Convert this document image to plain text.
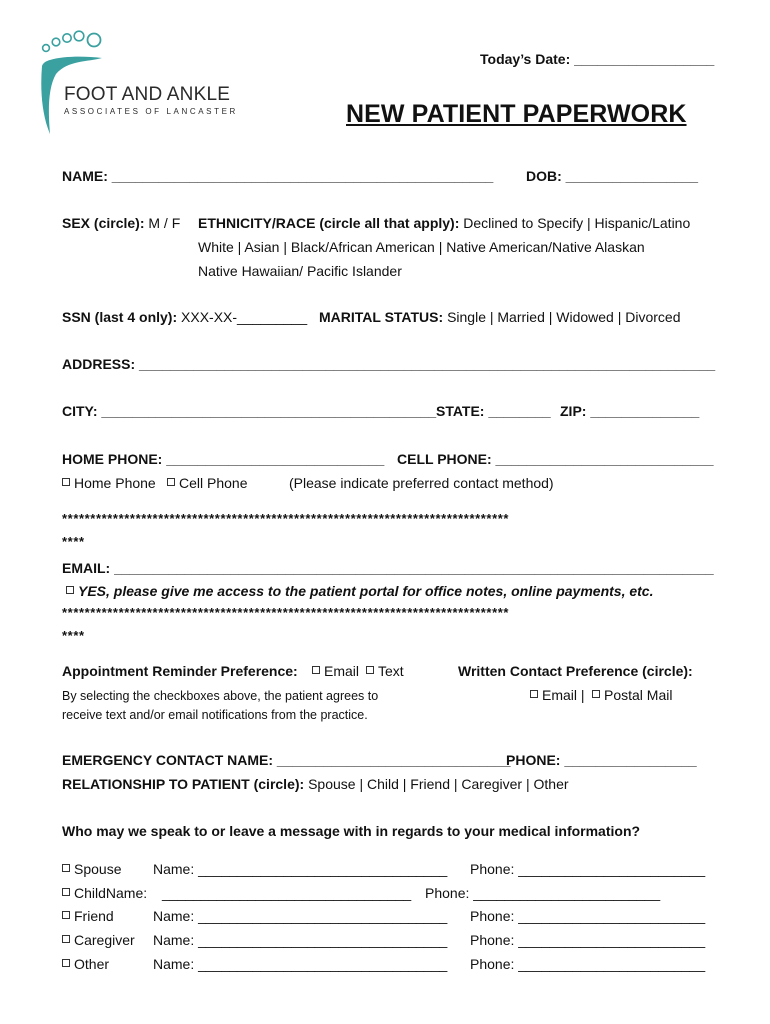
FOOT AND ANKLE
ASSOCIATES OF LANCASTER
Today’s Date: __________________
NEW PATIENT PAPERWORK
NAME: _________________________________________________ DOB: _________________
SEX (circle): M / F ETHNICITY/RACE (circle all that apply): Declined to Specify | Hispanic/Latino
White | Asian | Black/African American | Native American/Native Alaskan
Native Hawaiian/ Pacific Islander
SSN (last 4 only): XXX-XX-_________ MARITAL STATUS: Single | Married | Widowed | Divorced
ADDRESS: __________________________________________________________________________
CITY: ___________________________________________ STATE: ________ ZIP: ______________
HOME PHONE: ____________________________ CELL PHONE: ____________________________
Home Phone	Cell Phone	(Please indicate preferred contact method)
*******************************************************************************
****
EMAIL: _____________________________________________________________________________
YES, please give me access to the patient portal for office notes, online payments, etc.
*******************************************************************************
****
Appointment Reminder Preference:	Email	Text
By selecting the checkboxes above, the patient agrees to
receive text and/or email notifications from the practice.
Written Contact Preference (circle):
Email |	Postal Mail
EMERGENCY CONTACT NAME: ______________________________
PHONE: _________________
RELATIONSHIP TO PATIENT (circle): Spouse | Child | Friend | Caregiver | Other
Who may we speak to or leave a message with in regards to your medical information?
Spouse Name: ________________________________ Phone: ________________________
ChildName: ________________________________ Phone: ________________________
Friend	Name: ________________________________ Phone: ________________________
Caregiver Name: ________________________________ Phone: ________________________
Other	Name: ________________________________ Phone: ________________________
